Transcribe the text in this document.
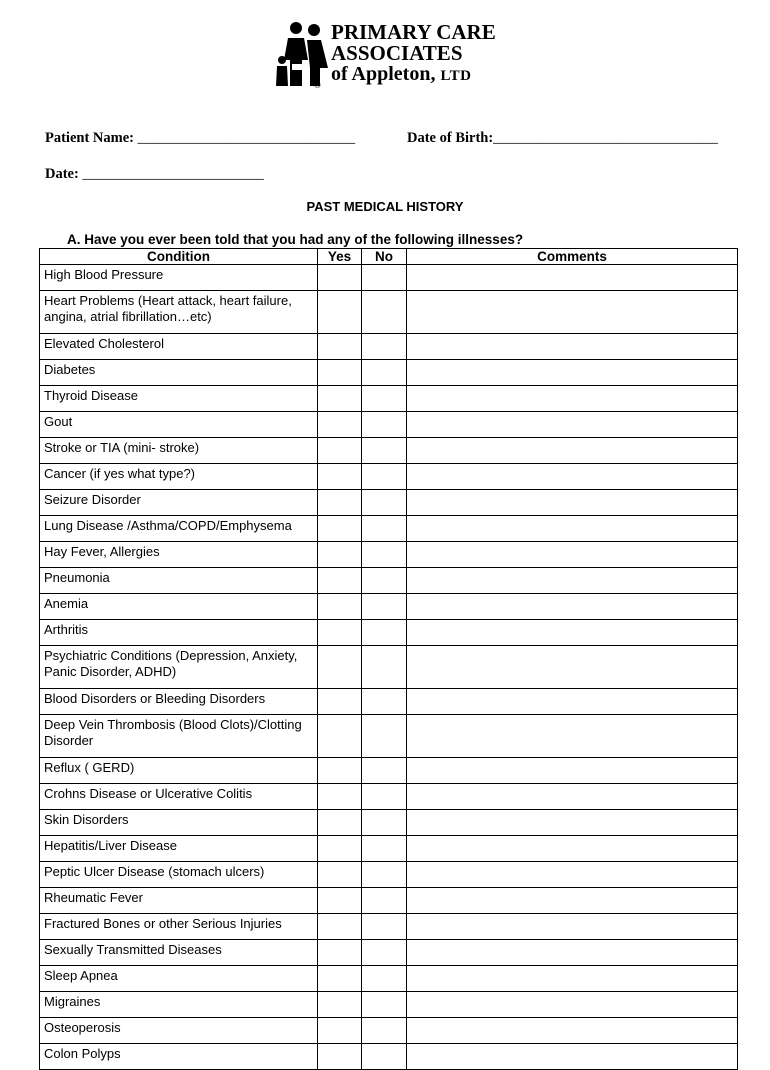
PRIMARY CARE
ASSOCIATES
of Appleton, LTD
®
Patient Name: ______________________________	Date of Birth:_______________________________
Date: _________________________
PAST MEDICAL HISTORY
A. Have you ever been told that you had any of the following illnesses?
Condition	Yes	No	Comments
High Blood Pressure			
Heart Problems (Heart attack, heart failure, angina, atrial fibrillation…etc)			
Elevated Cholesterol			
Diabetes			
Thyroid Disease			
Gout			
Stroke or TIA (mini- stroke)			
Cancer (if yes what type?)			
Seizure Disorder			
Lung Disease /Asthma/COPD/Emphysema			
Hay Fever, Allergies			
Pneumonia			
Anemia			
Arthritis			
Psychiatric Conditions (Depression, Anxiety, Panic Disorder, ADHD)			
Blood Disorders or Bleeding Disorders			
Deep Vein Thrombosis (Blood Clots)/Clotting Disorder			
Reflux ( GERD)			
Crohns Disease or Ulcerative Colitis			
Skin Disorders			
Hepatitis/Liver Disease			
Peptic Ulcer Disease (stomach ulcers)			
Rheumatic Fever			
Fractured Bones or other Serious Injuries			
Sexually Transmitted Diseases			
Sleep Apnea			
Migraines			
Osteoperosis			
Colon Polyps			
